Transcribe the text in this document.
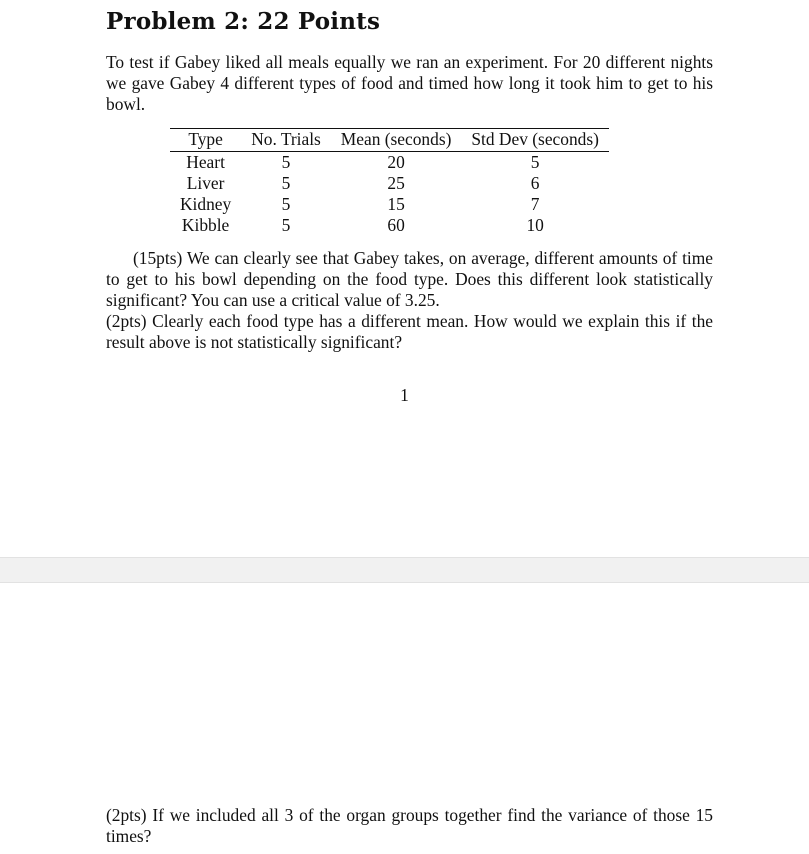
Problem 2: 22 Points

To test if Gabey liked all meals equally we ran an experiment. For 20 different nights we gave Gabey 4 different types of food and timed how long it took him to get to his bowl.

Type	No. Trials	Mean (seconds)	Std Dev (seconds)
Heart	5	20	5
Liver	5	25	6
Kidney	5	15	7
Kibble	5	60	10

(15pts) We can clearly see that Gabey takes, on average, different amounts of time to get to his bowl depending on the food type. Does this different look statistically significant? You can use a critical value of 3.25.

(2pts) Clearly each food type has a different mean. How would we explain this if the result above is not statistically significant?

1

(2pts) If we included all 3 of the organ groups together find the variance of those 15 times?
